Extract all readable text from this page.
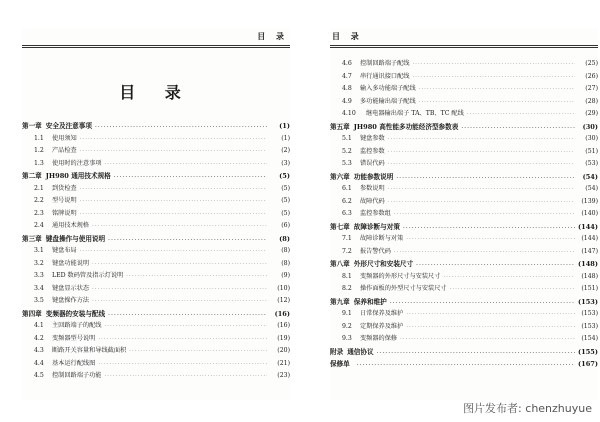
目 录
目 录
第一章 安全及注意事项 ·····	(1)
1.1	使用须知 ·····	(1)
1.2	产品检查 ·····	(2)
1.3	使用时的注意事项 ·····	(3)
第二章 JH980 通用技术规格 ·····	(5)
2.1	到货检查 ·····	(5)
2.2	型号说明 ·····	(5)
2.3	铭牌说明 ·····	(5)
2.4	通用技术规格 ·····	(6)
第三章 键盘操作与使用说明 ·····	(8)
3.1	键盘布局 ·····	(8)
3.2	键盘功能说明 ·····	(8)
3.3	LED 数码管及指示灯说明 ·····	(9)
3.4	键盘显示状态 ·····	(10)
3.5	键盘操作方法 ·····	(12)
第四章 变频器的安装与配线 ·····	(16)
4.1	主回路端子的配线 ·····	(16)
4.2	变频器型号说明 ·····	(19)
4.3	断路开关容量和导线截面积 ·····	(20)
4.4	基本运行配线图 ·····	(21)
4.5	控制回路端子功能 ·····	(23)
目 录
4.6	控制回路端子配线 ·····	(25)
4.7	串行通讯接口配线 ·····	(26)
4.8	输入多功能端子配线 ·····	(27)
4.9	多功能输出端子配线 ·····	(28)
4.10	继电器输出端子 TA、TB、TC 配线 ·····	(29)
第五章 JH980 高性能多功能经济型参数表 ·····	(30)
5.1	键盘参数 ·····	(30)
5.2	监控参数 ·····	(51)
5.3	错误代码 ·····	(53)
第六章 功能参数说明 ·····	(54)
6.1	参数说明 ·····	(54)
6.2	故障代码 ·····	(139)
6.3	监控参数组 ·····	(140)
第七章 故障诊断与对策 ·····	(144)
7.1	故障诊断与对策 ·····	(144)
7.2	报告警代码 ·····	(147)
第八章 外形尺寸和安装尺寸 ·····	(148)
8.1	变频器的外形尺寸与安装尺寸 ·····	(148)
8.2	操作面板的外型尺寸与安装尺寸 ·····	(151)
第九章 保养和维护 ·····	(153)
9.1	日常保养及维护 ·····	(153)
9.2	定期保养及维护 ·····	(153)
9.3	变频器的保修 ·····	(154)
附录 通信协议 ·····	(155)
保修单 ·····	(167)
图片发布者: chenzhuyue
